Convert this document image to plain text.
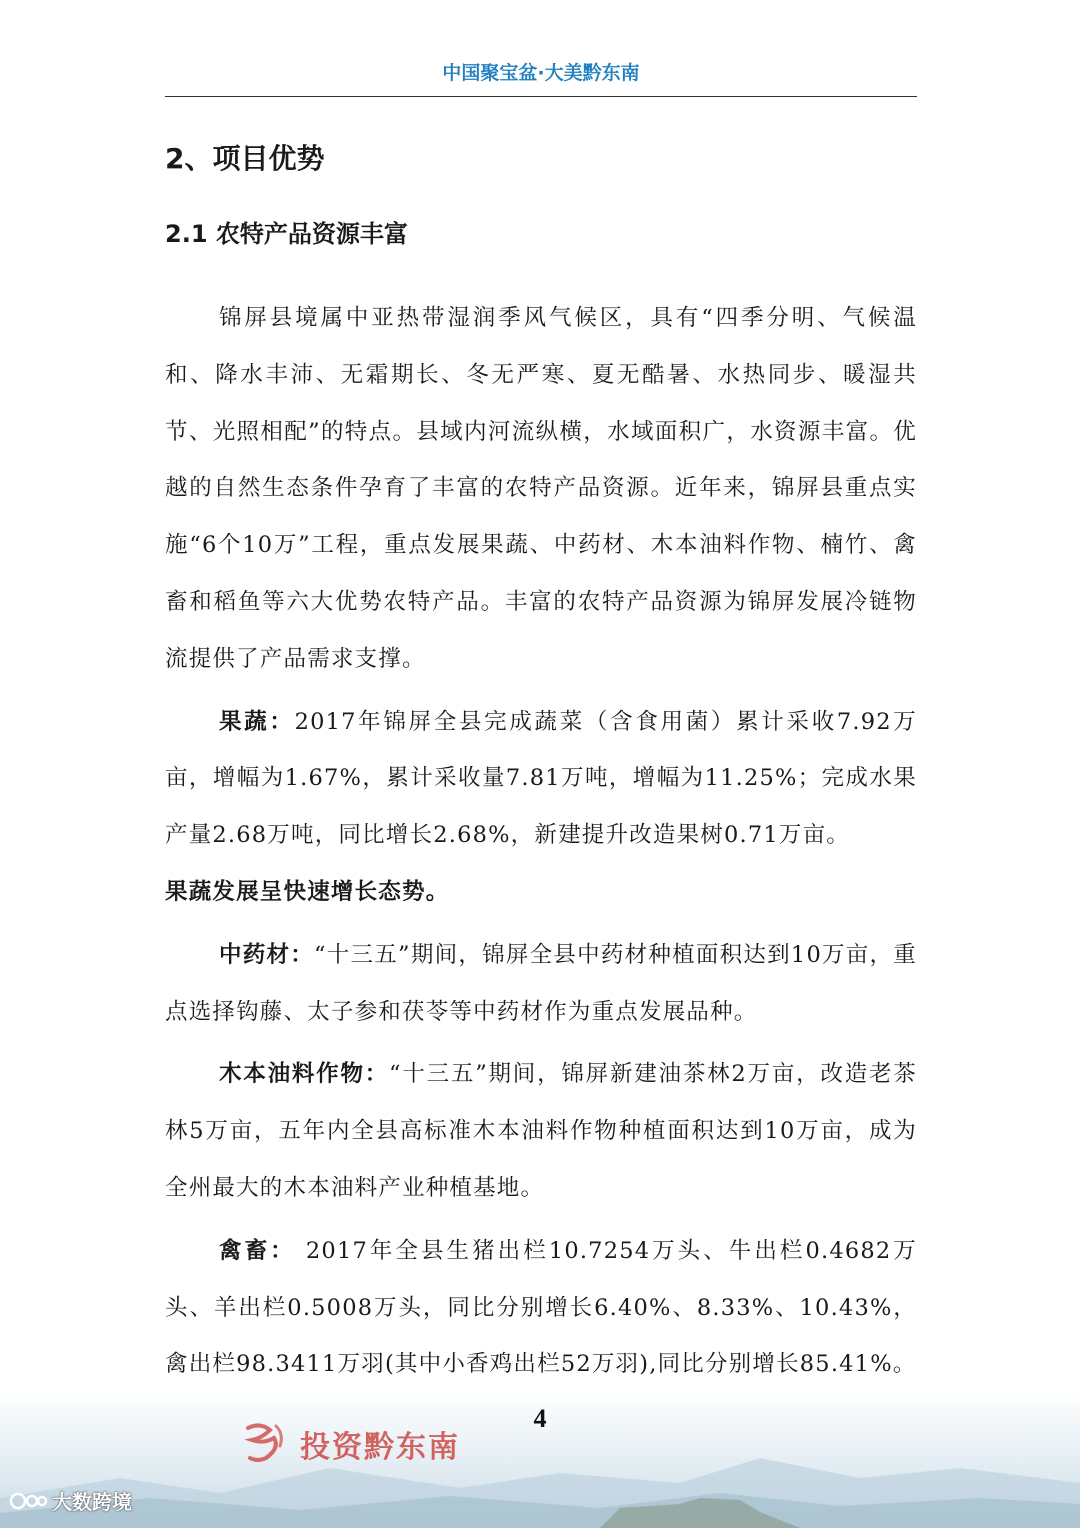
中国聚宝盆·大美黔东南
2、项目优势
2.1 农特产品资源丰富

锦屏县境属中亚热带湿润季风气候区，具有“四季分明、气候温和、降水丰沛、无霜期长、冬无严寒、夏无酷暑、水热同步、暖湿共节、光照相配”的特点。县域内河流纵横，水域面积广，水资源丰富。优越的自然生态条件孕育了丰富的农特产品资源。近年来，锦屏县重点实施“6个10万”工程，重点发展果蔬、中药材、木本油料作物、楠竹、禽畜和稻鱼等六大优势农特产品。丰富的农特产品资源为锦屏发展冷链物流提供了产品需求支撑。

果蔬：2017年锦屏全县完成蔬菜（含食用菌）累计采收7.92万亩，增幅为1.67%，累计采收量7.81万吨，增幅为11.25%；完成水果产量2.68万吨，同比增长2.68%，新建提升改造果树0.71万亩。

果蔬发展呈快速增长态势。

中药材：“十三五”期间，锦屏全县中药材种植面积达到10万亩，重点选择钩藤、太子参和茯苓等中药材作为重点发展品种。

木本油料作物：“十三五”期间，锦屏新建油茶林2万亩，改造老茶林5万亩，五年内全县高标准木本油料作物种植面积达到10万亩，成为全州最大的木本油料产业种植基地。

禽畜： 2017年全县生猪出栏10.7254万头、牛出栏0.4682万头、羊出栏0.5008万头，同比分别增长6.40%、8.33%、10.43%，禽出栏98.3411万羽(其中小香鸡出栏52万羽),同比分别增长85.41%。

4
投资黔东南
大数跨境
